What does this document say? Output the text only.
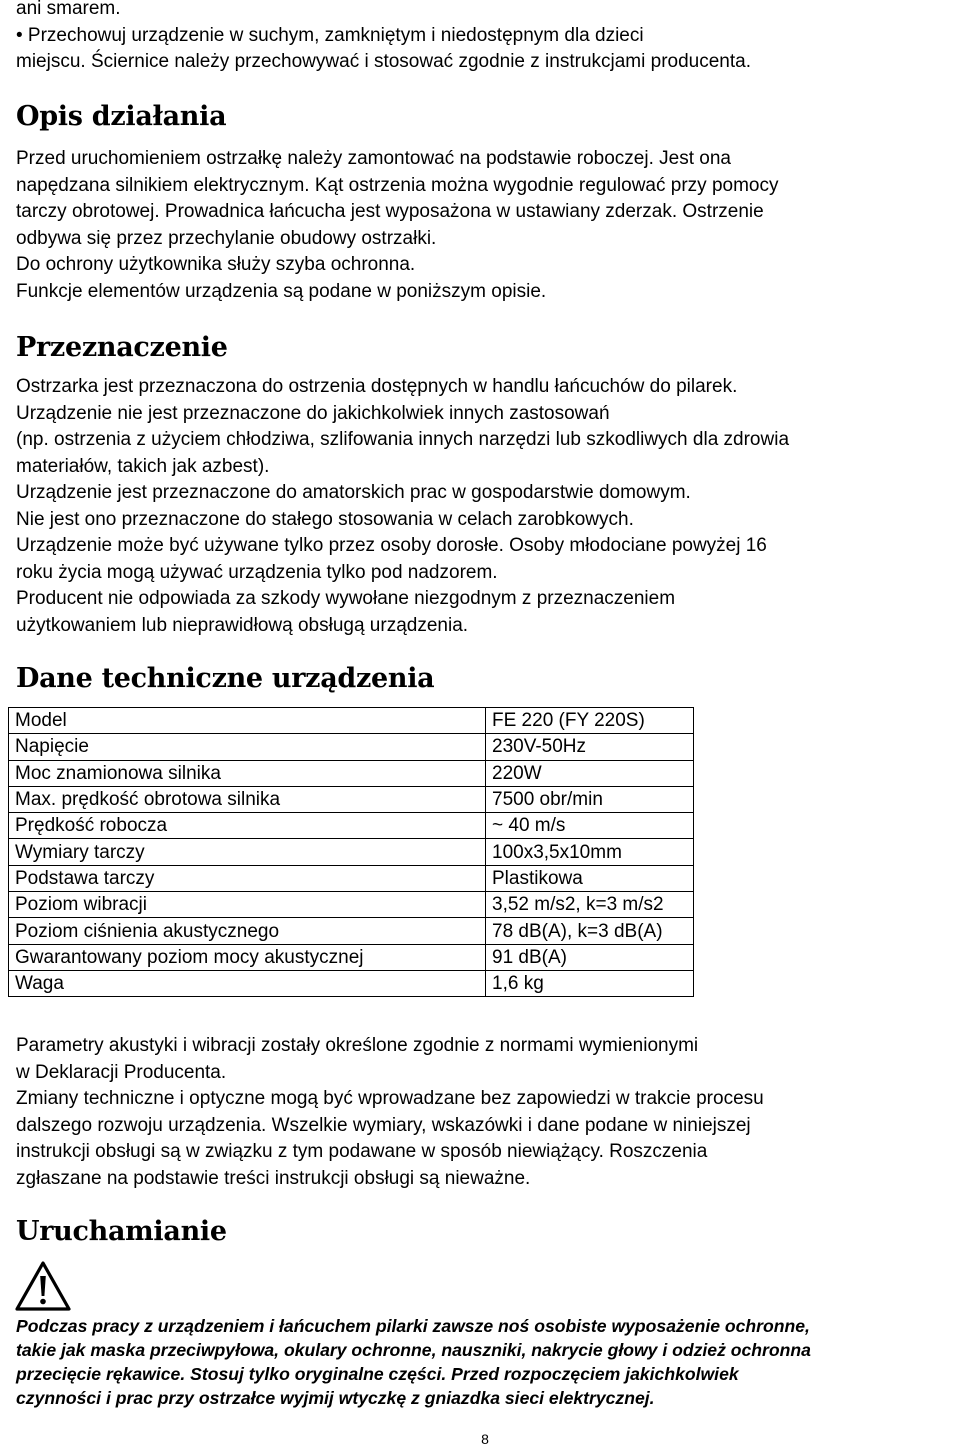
ani smarem.
• Przechowuj urządzenie w suchym, zamkniętym i niedostępnym dla dzieci
miejscu. Ściernice należy przechowywać i stosować zgodnie z instrukcjami producenta.
Opis działania
Przed uruchomieniem ostrzałkę należy zamontować na podstawie roboczej. Jest ona
napędzana silnikiem elektrycznym. Kąt ostrzenia można wygodnie regulować przy pomocy
tarczy obrotowej. Prowadnica łańcucha jest wyposażona w ustawiany zderzak. Ostrzenie
odbywa się przez przechylanie obudowy ostrzałki.
Do ochrony użytkownika służy szyba ochronna.
Funkcje elementów urządzenia są podane w poniższym opisie.
Przeznaczenie
Ostrzarka jest przeznaczona do ostrzenia dostępnych w handlu łańcuchów do pilarek.
Urządzenie nie jest przeznaczone do jakichkolwiek innych zastosowań
(np. ostrzenia z użyciem chłodziwa, szlifowania innych narzędzi lub szkodliwych dla zdrowia
materiałów, takich jak azbest).
Urządzenie jest przeznaczone do amatorskich prac w gospodarstwie domowym.
Nie jest ono przeznaczone do stałego stosowania w celach zarobkowych.
Urządzenie może być używane tylko przez osoby dorosłe. Osoby młodociane powyżej 16
roku życia mogą używać urządzenia tylko pod nadzorem.
Producent nie odpowiada za szkody wywołane niezgodnym z przeznaczeniem
użytkowaniem lub nieprawidłową obsługą urządzenia.
Dane techniczne urządzenia
Model	FE 220 (FY 220S)
Napięcie	230V-50Hz
Moc znamionowa silnika	220W
Max. prędkość obrotowa silnika	7500 obr/min
Prędkość robocza	~ 40 m/s
Wymiary tarczy	100x3,5x10mm
Podstawa tarczy	Plastikowa
Poziom wibracji	3,52 m/s2, k=3 m/s2
Poziom ciśnienia akustycznego	78 dB(A), k=3 dB(A)
Gwarantowany poziom mocy akustycznej	91 dB(A)
Waga	1,6 kg
Parametry akustyki i wibracji zostały określone zgodnie z normami wymienionymi
w Deklaracji Producenta.
Zmiany techniczne i optyczne mogą być wprowadzane bez zapowiedzi w trakcie procesu
dalszego rozwoju urządzenia. Wszelkie wymiary, wskazówki i dane podane w niniejszej
instrukcji obsługi są w związku z tym podawane w sposób niewiążący. Roszczenia
zgłaszane na podstawie treści instrukcji obsługi są nieważne.
Uruchamianie
Podczas pracy z urządzeniem i łańcuchem pilarki zawsze noś osobiste wyposażenie ochronne,
takie jak maska przeciwpyłowa, okulary ochronne, nauszniki, nakrycie głowy i odzież ochronna
przecięcie rękawice. Stosuj tylko oryginalne części. Przed rozpoczęciem jakichkolwiek
czynności i prac przy ostrzałce wyjmij wtyczkę z gniazdka sieci elektrycznej.
8
